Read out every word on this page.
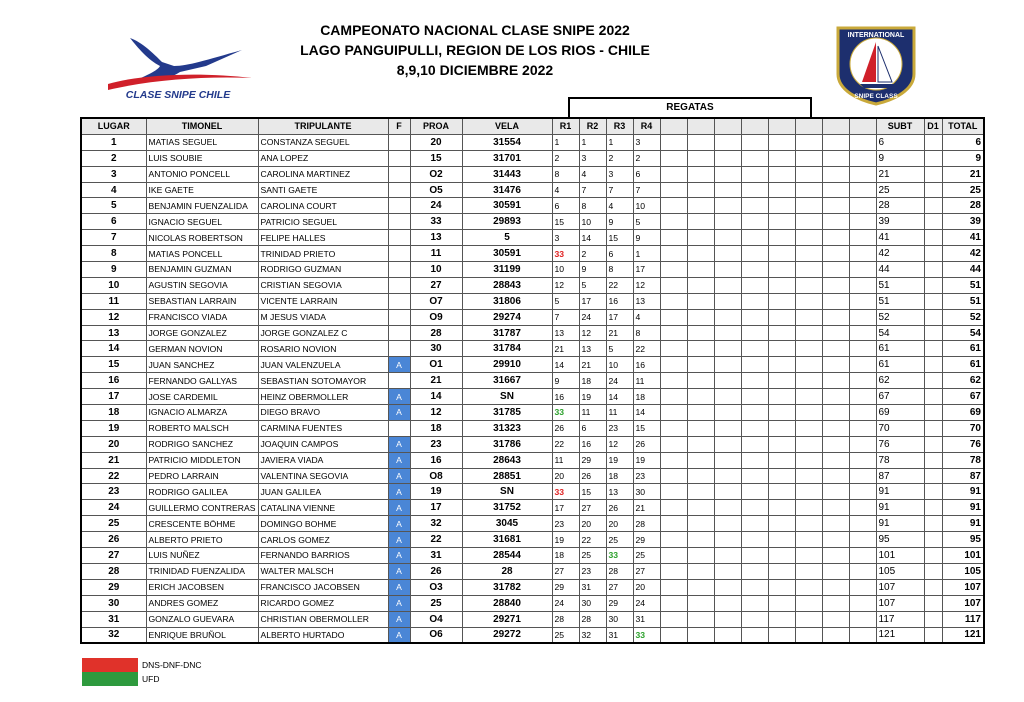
CLASE SNIPE CHILE
CAMPEONATO NACIONAL CLASE SNIPE 2022
LAGO PANGUIPULLI, REGION DE LOS RIOS - CHILE
8,9,10 DICIEMBRE 2022
INTERNATIONAL
SNIPE CLASS
REGATAS
LUGAR	TIMONEL	TRIPULANTE	F	PROA	VELA	R1	R2	R3	R4									SUBT	D1	TOTAL
1	MATIAS SEGUEL	CONSTANZA SEGUEL		20	31554	1	1	1	3									6		6
2	LUIS SOUBIE	ANA LOPEZ		15	31701	2	3	2	2									9		9
3	ANTONIO PONCELL	CAROLINA MARTINEZ		O2	31443	8	4	3	6									21		21
4	IKE GAETE	SANTI GAETE		O5	31476	4	7	7	7									25		25
5	BENJAMIN FUENZALIDA	CAROLINA COURT		24	30591	6	8	4	10									28		28
6	IGNACIO SEGUEL	PATRICIO SEGUEL		33	29893	15	10	9	5									39		39
7	NICOLAS ROBERTSON	FELIPE HALLES		13	5	3	14	15	9									41		41
8	MATIAS PONCELL	TRINIDAD PRIETO		11	30591	33	2	6	1									42		42
9	BENJAMIN GUZMAN	RODRIGO GUZMAN		10	31199	10	9	8	17									44		44
10	AGUSTIN SEGOVIA	CRISTIAN SEGOVIA		27	28843	12	5	22	12									51		51
11	SEBASTIAN LARRAIN	VICENTE LARRAIN		O7	31806	5	17	16	13									51		51
12	FRANCISCO VIADA	M JESUS VIADA		O9	29274	7	24	17	4									52		52
13	JORGE GONZALEZ	JORGE GONZALEZ C		28	31787	13	12	21	8									54		54
14	GERMAN NOVION	ROSARIO NOVION		30	31784	21	13	5	22									61		61
15	JUAN SANCHEZ	JUAN VALENZUELA	A	O1	29910	14	21	10	16									61		61
16	FERNANDO GALLYAS	SEBASTIAN SOTOMAYOR		21	31667	9	18	24	11									62		62
17	JOSE CARDEMIL	HEINZ OBERMOLLER	A	14	SN	16	19	14	18									67		67
18	IGNACIO ALMARZA	DIEGO BRAVO	A	12	31785	33	11	11	14									69		69
19	ROBERTO MALSCH	CARMINA FUENTES		18	31323	26	6	23	15									70		70
20	RODRIGO SANCHEZ	JOAQUIN CAMPOS	A	23	31786	22	16	12	26									76		76
21	PATRICIO MIDDLETON	JAVIERA VIADA	A	16	28643	11	29	19	19									78		78
22	PEDRO LARRAIN	VALENTINA SEGOVIA	A	O8	28851	20	26	18	23									87		87
23	RODRIGO GALILEA	JUAN GALILEA	A	19	SN	33	15	13	30									91		91
24	GUILLERMO CONTRERAS	CATALINA VIENNE	A	17	31752	17	27	26	21									91		91
25	CRESCENTE BÖHME	DOMINGO BOHME	A	32	3045	23	20	20	28									91		91
26	ALBERTO PRIETO	CARLOS GOMEZ	A	22	31681	19	22	25	29									95		95
27	LUIS NUÑEZ	FERNANDO BARRIOS	A	31	28544	18	25	33	25									101		101
28	TRINIDAD FUENZALIDA	WALTER MALSCH	A	26	28	27	23	28	27									105		105
29	ERICH JACOBSEN	FRANCISCO JACOBSEN	A	O3	31782	29	31	27	20									107		107
30	ANDRES GOMEZ	RICARDO GOMEZ	A	25	28840	24	30	29	24									107		107
31	GONZALO GUEVARA	CHRISTIAN OBERMOLLER	A	O4	29271	28	28	30	31									117		117
32	ENRIQUE BRUÑOL	ALBERTO HURTADO	A	O6	29272	25	32	31	33									121		121
DNS-DNF-DNC
UFD
